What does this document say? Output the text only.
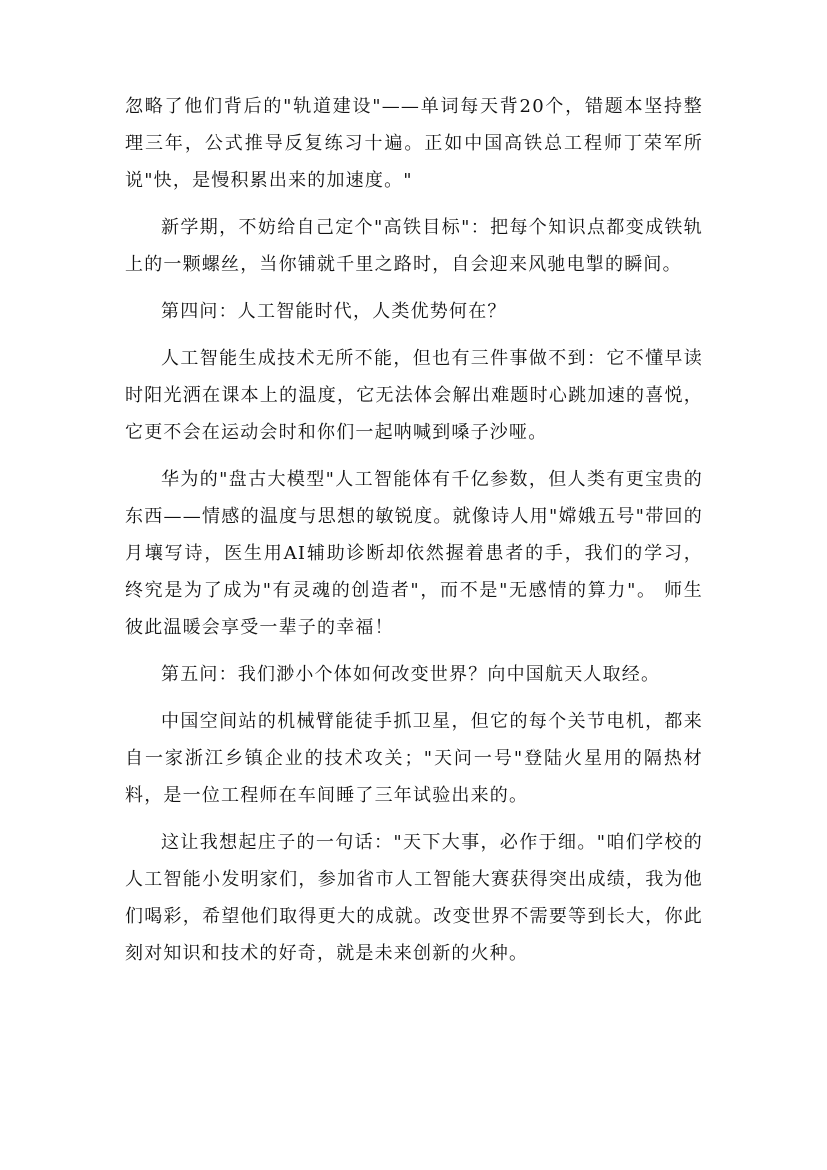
忽略了他们背后的"轨道建设"——单词每天背20个，错题本坚持整理三年，公式推导反复练习十遍。正如中国高铁总工程师丁荣军所说"快，是慢积累出来的加速度。"

新学期，不妨给自己定个"高铁目标"：把每个知识点都变成铁轨上的一颗螺丝，当你铺就千里之路时，自会迎来风驰电掣的瞬间。

第四问：人工智能时代，人类优势何在？

人工智能生成技术无所不能，但也有三件事做不到：它不懂早读时阳光洒在课本上的温度，它无法体会解出难题时心跳加速的喜悦，它更不会在运动会时和你们一起呐喊到嗓子沙哑。

华为的"盘古大模型"人工智能体有千亿参数，但人类有更宝贵的东西——情感的温度与思想的敏锐度。就像诗人用"嫦娥五号"带回的月壤写诗，医生用AI辅助诊断却依然握着患者的手，我们的学习，终究是为了成为"有灵魂的创造者"，而不是"无感情的算力"。 师生彼此温暖会享受一辈子的幸福！

第五问：我们渺小个体如何改变世界？向中国航天人取经。

中国空间站的机械臂能徒手抓卫星，但它的每个关节电机，都来自一家浙江乡镇企业的技术攻关；"天问一号"登陆火星用的隔热材料，是一位工程师在车间睡了三年试验出来的。

这让我想起庄子的一句话："天下大事，必作于细。"咱们学校的人工智能小发明家们，参加省市人工智能大赛获得突出成绩，我为他们喝彩，希望他们取得更大的成就。改变世界不需要等到长大，你此刻对知识和技术的好奇，就是未来创新的火种。
